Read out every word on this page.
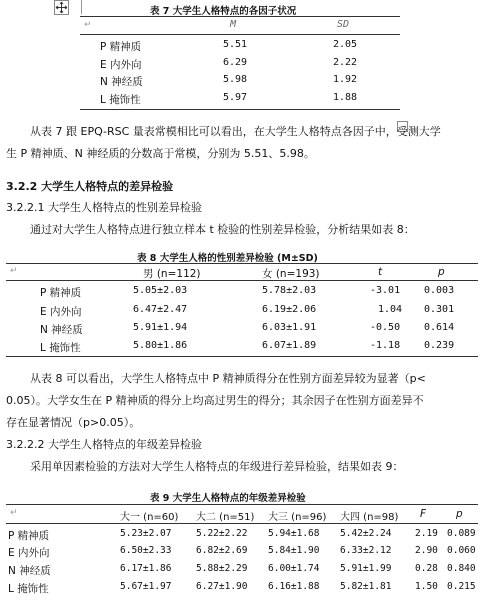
表 7 大学生人格特点的各因子状况
↵	M	SD
P 精神质	5.51	2.05
E 内外向	6.29	2.22
N 神经质	5.98	1.92
L 掩饰性	5.97	1.88
从表 7 跟 EPQ-RSC 量表常模相比可以看出，在大学生人格特点各因子中，受测大学
生 P 精神质、N 神经质的分数高于常模，分别为 5.51、5.98。
3.2.2 大学生人格特点的差异检验
3.2.2.1 大学生人格特点的性别差异检验
通过对大学生人格特点进行独立样本 t 检验的性别差异检验，分析结果如表 8：
表 8 大学生人格的性别差异检验 (M±SD)
↵	男 (n=112)	女 (n=193)	t	p
P 精神质	5.05±2.03	5.78±2.03	-3.01 0.003
E 内外向	6.47±2.47	6.19±2.06	1.04 0.301
N 神经质	5.91±1.94	6.03±1.91	-0.50 0.614
L 掩饰性	5.80±1.86	6.07±1.89	-1.18 0.239
从表 8 可以看出，大学生人格特点中 P 精神质得分在性别方面差异较为显著（p<
0.05）。大学女生在 P 精神质的得分上均高过男生的得分；其余因子在性别方面差异不
存在显著情况（p>0.05）。
3.2.2.2 大学生人格特点的年级差异检验
采用单因素检验的方法对大学生人格特点的年级进行差异检验，结果如表 9：
表 9 大学生人格特点的年级差异检验
↵	大一 (n=60) 大二 (n=51) 大三 (n=96) 大四 (n=98) F	p
P 精神质	5.23±2.07	5.22±2.22 5.94±1.68 5.42±2.24 2.19 0.089
E 内外向	6.50±2.33	6.82±2.69 5.84±1.90 6.33±2.12 2.90 0.060
N 神经质	6.17±1.86	5.88±2.29 6.00±1.74 5.91±1.99 0.28 0.840
L 掩饰性	5.67±1.97	6.27±1.90 6.16±1.88 5.82±1.81 1.50 0.215
